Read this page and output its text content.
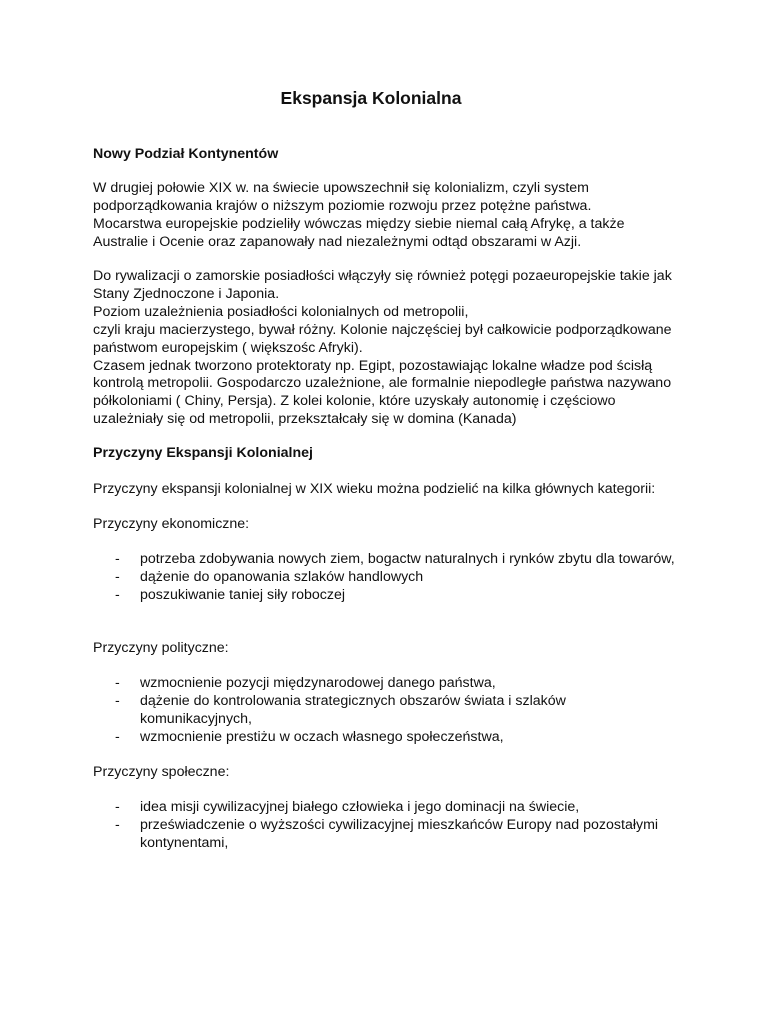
Ekspansja Kolonialna
Nowy Podział Kontynentów
W drugiej połowie XIX w. na świecie upowszechnił się kolonializm, czyli system
podporządkowania krajów o niższym poziomie rozwoju przez potężne państwa.
Mocarstwa europejskie podzieliły wówczas między siebie niemal całą Afrykę, a także
Australie i Ocenie oraz zapanowały nad niezależnymi odtąd obszarami w Azji.
Do rywalizacji o zamorskie posiadłości włączyły się również potęgi pozaeuropejskie takie jak
Stany Zjednoczone i Japonia.
Poziom uzależnienia posiadłości kolonialnych od metropolii,
czyli kraju macierzystego, bywał różny. Kolonie najczęściej był całkowicie podporządkowane
państwom europejskim ( większośc Afryki).
Czasem jednak tworzono protektoraty np. Egipt, pozostawiając lokalne władze pod ścisłą
kontrolą metropolii. Gospodarczo uzależnione, ale formalnie niepodległe państwa nazywano
półkoloniami ( Chiny, Persja). Z kolei kolonie, które uzyskały autonomię i częściowo
uzależniały się od metropolii, przekształcały się w domina (Kanada)
Przyczyny Ekspansji Kolonialnej
Przyczyny ekspansji kolonialnej w XIX wieku można podzielić na kilka głównych kategorii:
Przyczyny ekonomiczne:
- potrzeba zdobywania nowych ziem, bogactw naturalnych i rynków zbytu dla towarów,
- dążenie do opanowania szlaków handlowych
- poszukiwanie taniej siły roboczej
Przyczyny polityczne:
- wzmocnienie pozycji międzynarodowej danego państwa,
- dążenie do kontrolowania strategicznych obszarów świata i szlaków
komunikacyjnych,
- wzmocnienie prestiżu w oczach własnego społeczeństwa,
Przyczyny społeczne:
- idea misji cywilizacyjnej białego człowieka i jego dominacji na świecie,
- przeświadczenie o wyższości cywilizacyjnej mieszkańców Europy nad pozostałymi
kontynentami,
